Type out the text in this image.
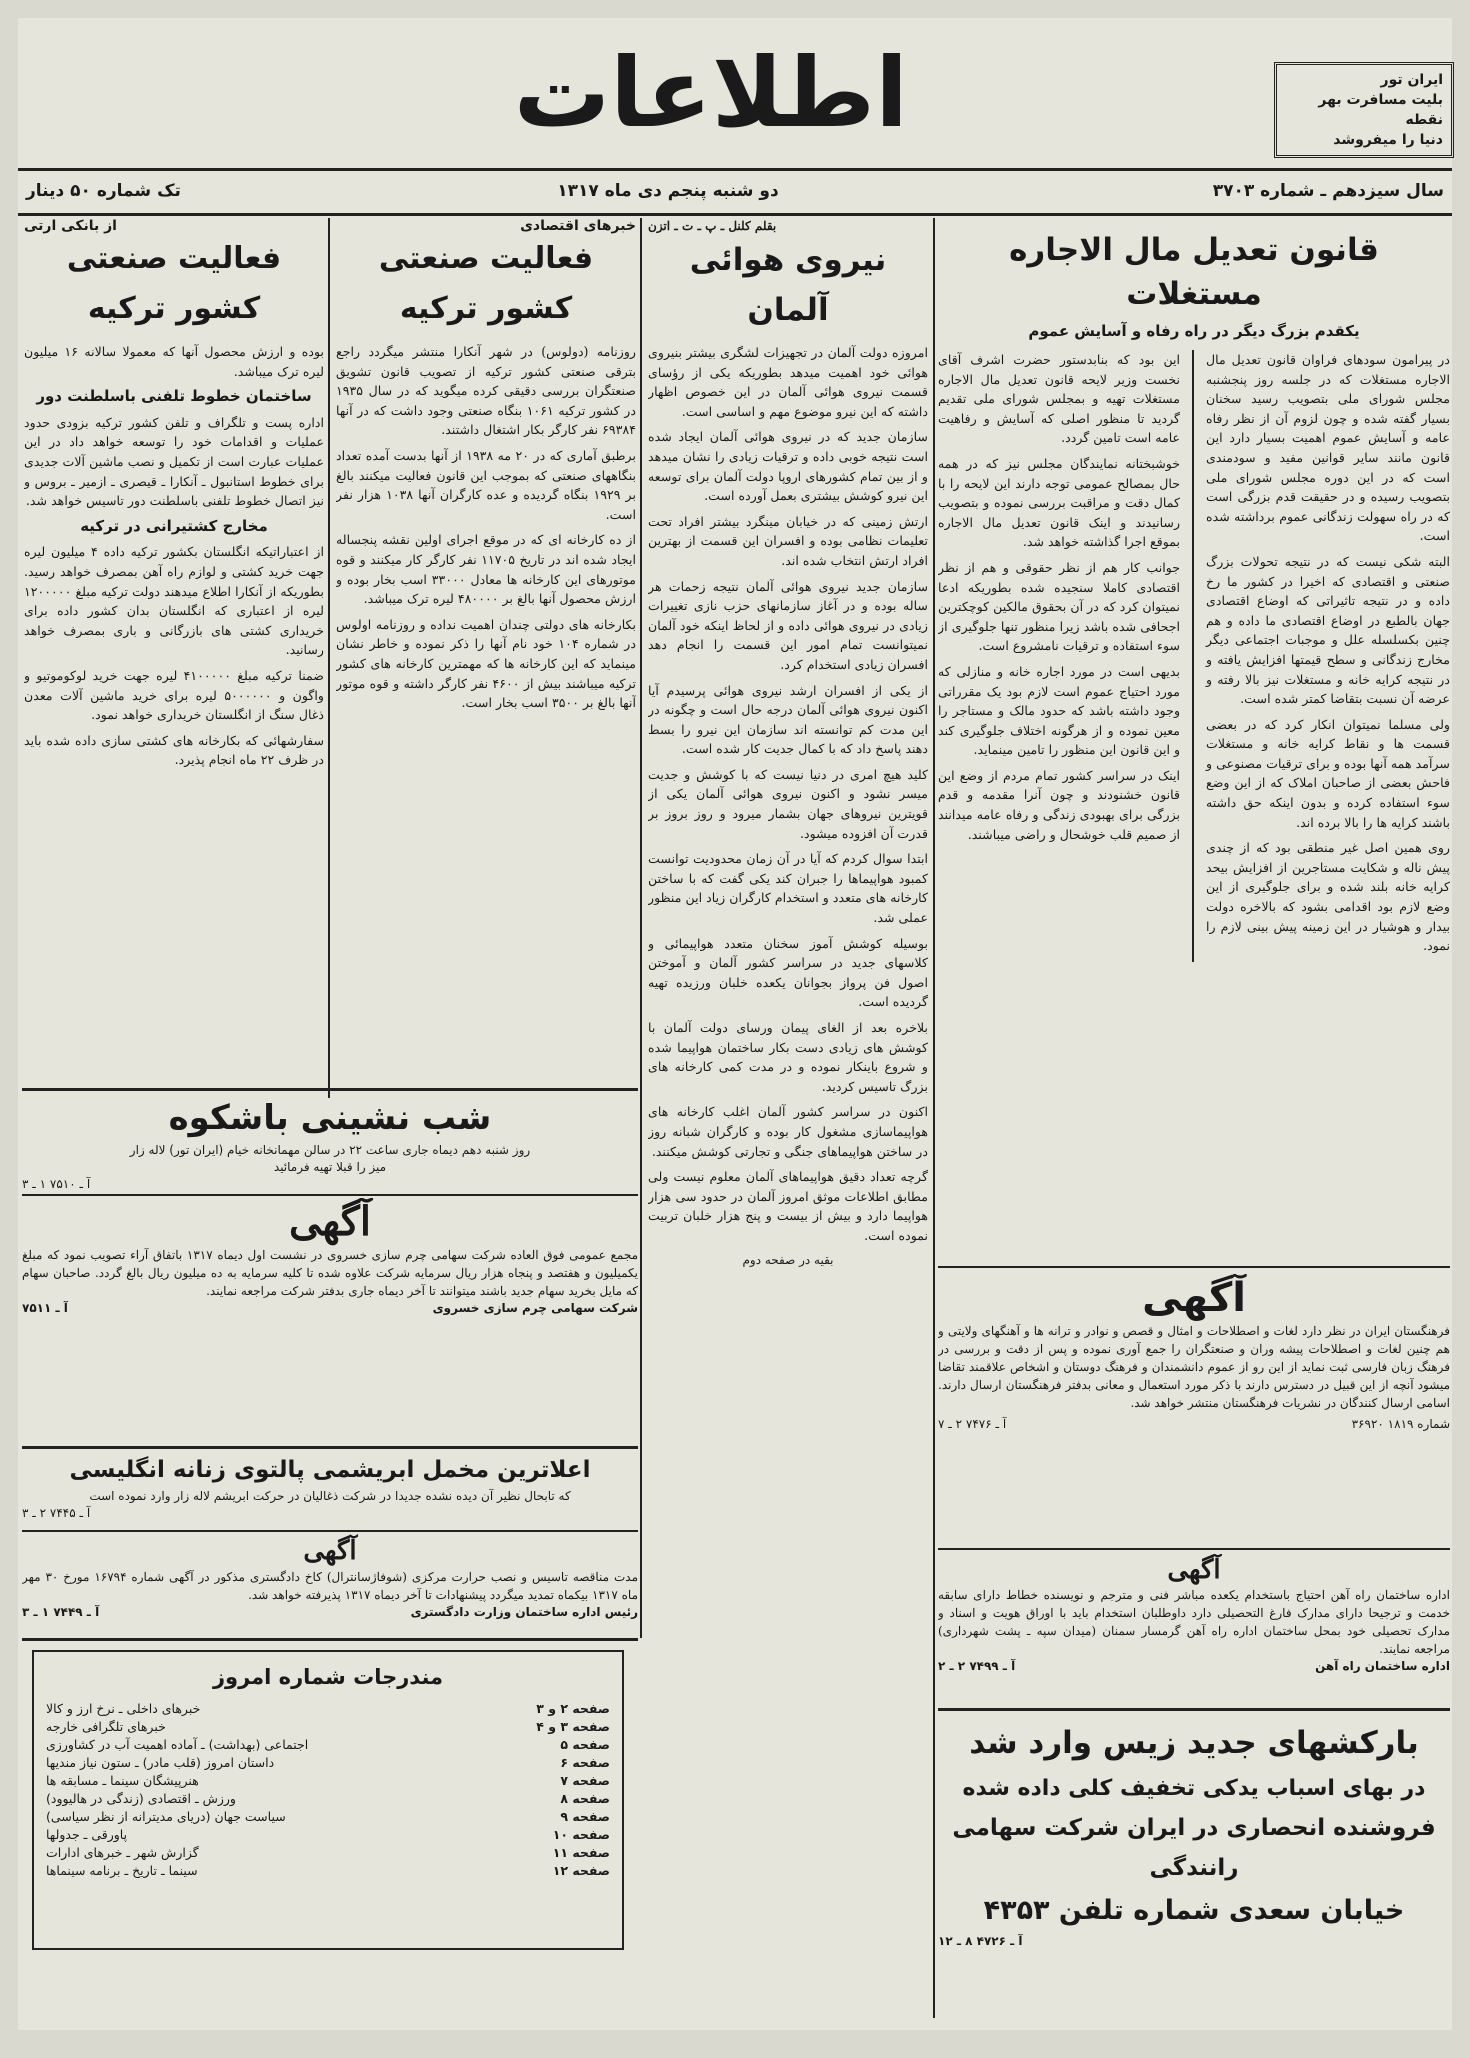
اطلاعات	ایران تور
بلیت مسافرت بهر نقطه
دنیا را میفروشد
سال سیزدهم ـ شماره ۳۷۰۳
دو شنبه پنجم دی ماه ۱۳۱۷
تک شماره ۵۰ دینار
قانون تعدیل مال الاجاره مستغلات
یکقدم بزرگ دیگر در راه رفاه و آسایش عموم

در پیرامون سودهای فراوان قانون تعدیل مال الاجاره مستغلات که در جلسه روز پنجشنبه مجلس شورای ملی بتصویب رسید سخنان بسیار گفته شده و چون لزوم آن از نظر رفاه عامه و آسایش عموم اهمیت بسیار دارد این قانون مانند سایر قوانین مفید و سودمندی است که در این دوره مجلس شورای ملی بتصویب رسیده و در حقیقت قدم بزرگی است که در راه سهولت زندگانی عموم برداشته شده است.

البته شکی نیست که در نتیجه تحولات بزرگ صنعتی و اقتصادی که اخیرا در کشور ما رخ داده و در نتیجه تاثیراتی که اوضاع اقتصادی جهان بالطبع در اوضاع اقتصادی ما داده و هم چنین بکسلسله علل و موجبات اجتماعی دیگر مخارج زندگانی و سطح قیمتها افزایش یافته و در نتیجه کرایه خانه و مستغلات نیز بالا رفته و عرضه آن نسبت بتقاضا کمتر شده است.

ولی مسلما نمیتوان انکار کرد که در بعضی قسمت ها و نقاط کرایه خانه و مستغلات سرآمد همه آنها بوده و برای ترقیات مصنوعی و فاحش بعضی از صاحبان املاک که از این وضع سوء استفاده کرده و بدون اینکه حق داشته باشند کرایه ها را بالا برده اند.

روی همین اصل غیر منطقی بود که از چندی پیش ناله و شکایت مستاجرین از افزایش بیحد کرایه خانه بلند شده و برای جلوگیری از این وضع لازم بود اقدامی بشود که بالاخره دولت بیدار و هوشیار در این زمینه پیش بینی لازم را نمود.

این بود که بنابدستور حضرت اشرف آقای نخست وزیر لایحه قانون تعدیل مال الاجاره مستغلات تهیه و بمجلس شورای ملی تقدیم گردید تا منظور اصلی که آسایش و رفاهیت عامه است تامین گردد.

خوشبختانه نمایندگان مجلس نیز که در همه حال بمصالح عمومی توجه دارند این لایحه را با کمال دقت و مراقبت بررسی نموده و بتصویب رسانیدند و اینک قانون تعدیل مال الاجاره بموقع اجرا گذاشته خواهد شد.

جوانب کار هم از نظر حقوقی و هم از نظر اقتصادی کاملا سنجیده شده بطوریکه ادعا نمیتوان کرد که در آن بحقوق مالکین کوچکترین اجحافی شده باشد زیرا منظور تنها جلوگیری از سوء استفاده و ترقیات نامشروع است.

بدیهی است در مورد اجاره خانه و منازلی که مورد احتیاج عموم است لازم بود یک مقرراتی وجود داشته باشد که حدود مالک و مستاجر را معین نموده و از هرگونه اختلاف جلوگیری کند و این قانون این منظور را تامین مینماید.

اینک در سراسر کشور تمام مردم از وضع این قانون خشنودند و چون آنرا مقدمه و قدم بزرگی برای بهبودی زندگی و رفاه عامه میدانند از صمیم قلب خوشحال و راضی میباشند.

آگهی
فرهنگستان ایران در نظر دارد لغات و اصطلاحات و امثال و قصص و نوادر و ترانه ها و آهنگهای ولایتی و هم چنین لغات و اصطلاحات پیشه وران و صنعتگران را جمع آوری نموده و پس از دقت و بررسی در فرهنگ زبان فارسی ثبت نماید از این رو از عموم دانشمندان و فرهنگ دوستان و اشخاص علاقمند تقاضا میشود آنچه از این قبیل در دسترس دارند با ذکر مورد استعمال و معانی بدفتر فرهنگستان ارسال دارند. اسامی ارسال کنندگان در نشریات فرهنگستان منتشر خواهد شد.
شماره ۱۸۱۹ ۳۶۹۲۰
آ ـ ۷۴۷۶ ۲ ـ ۷
آگهی
اداره ساختمان راه آهن احتیاج باستخدام یکعده مباشر فنی و مترجم و نویسنده خطاط دارای سابقه خدمت و ترجیحا دارای مدارک فارغ التحصیلی دارد داوطلبان استخدام باید با اوراق هویت و اسناد و مدارک تحصیلی خود بمحل ساختمان اداره راه آهن گرمسار سمنان (میدان سپه ـ پشت شهرداری) مراجعه نمایند.
اداره ساختمان راه آهن
آ ـ ۷۴۹۹ ۲ ـ ۲
بارکشهای جدید زیس وارد شد
در بهای اسباب یدکی تخفیف کلی داده شده
فروشنده انحصاری در ایران شرکت سهامی رانندگی
خیابان سعدی شماره تلفن ۴۳۵۳
آ ـ ۴۷۲۶ ۸ ـ ۱۲
بقلم کلنل ـ پ ـ ت ـ اتزن
نیروی هوائی آلمان

امروزه دولت آلمان در تجهیزات لشگری بیشتر بنیروی هوائی خود اهمیت میدهد بطوریکه یکی از رؤسای قسمت نیروی هوائی آلمان در این خصوص اظهار داشته که این نیرو موضوع مهم و اساسی است.

سازمان جدید که در نیروی هوائی آلمان ایجاد شده است نتیجه خوبی داده و ترقیات زیادی را نشان میدهد و از بین تمام کشورهای اروپا دولت آلمان برای توسعه این نیرو کوشش بیشتری بعمل آورده است.

ارتش زمینی که در خیابان مینگرد بیشتر افراد تحت تعلیمات نظامی بوده و افسران این قسمت از بهترین افراد ارتش انتخاب شده اند.

سازمان جدید نیروی هوائی آلمان نتیجه زحمات هر ساله بوده و در آغاز سازمانهای حزب نازی تغییرات زیادی در نیروی هوائی داده و از لحاظ اینکه خود آلمان نمیتوانست تمام امور این قسمت را انجام دهد افسران زیادی استخدام کرد.

از یکی از افسران ارشد نیروی هوائی پرسیدم آیا اکنون نیروی هوائی آلمان درجه حال است و چگونه در این مدت کم توانسته اند سازمان این نیرو را بسط دهند پاسخ داد که با کمال جدیت کار شده است.

کلید هیچ امری در دنیا نیست که با کوشش و جدیت میسر نشود و اکنون نیروی هوائی آلمان یکی از قویترین نیروهای جهان بشمار میرود و روز بروز بر قدرت آن افزوده میشود.

ابتدا سوال کردم که آیا در آن زمان محدودیت توانست کمبود هواپیماها را جبران کند یکی گفت که با ساختن کارخانه های متعدد و استخدام کارگران زیاد این منظور عملی شد.

بوسیله کوشش آموز سخنان متعدد هواپیمائی و کلاسهای جدید در سراسر کشور آلمان و آموختن اصول فن پرواز بجوانان یکعده خلبان ورزیده تهیه گردیده است.

بلاخره بعد از الغای پیمان ورسای دولت آلمان با کوشش های زیادی دست بکار ساختمان هواپیما شده و شروع باینکار نموده و در مدت کمی کارخانه های بزرگ تاسیس کردید.

اکنون در سراسر کشور آلمان اغلب کارخانه های هواپیماسازی مشغول کار بوده و کارگران شبانه روز در ساختن هواپیماهای جنگی و تجارتی کوشش میکنند.

گرچه تعداد دقیق هواپیماهای آلمان معلوم نیست ولی مطابق اطلاعات موثق امروز آلمان در حدود سی هزار هواپیما دارد و بیش از بیست و پنج هزار خلبان تربیت نموده است.

بقیه در صفحه دوم

خبرهای اقتصادی
فعالیت صنعتی کشور ترکیه

روزنامه (دولوس) در شهر آنکارا منتشر میگردد راجع بترقی صنعتی کشور ترکیه از تصویب قانون تشویق صنعتگران بررسی دقیقی کرده میگوید که در سال ۱۹۳۵ در کشور ترکیه ۱۰۶۱ بنگاه صنعتی وجود داشت که در آنها ۶۹۳۸۴ نفر کارگر بکار اشتغال داشتند.

برطبق آماری که در ۲۰ مه ۱۹۳۸ از آنها بدست آمده تعداد بنگاههای صنعتی که بموجب این قانون فعالیت میکنند بالغ بر ۱۹۲۹ بنگاه گردیده و عده کارگران آنها ۱۰۳۸ هزار نفر است.

از ده کارخانه ای که در موقع اجرای اولین نقشه پنجساله ایجاد شده اند در تاریخ ۱۱۷۰۵ نفر کارگر کار میکنند و قوه موتورهای این کارخانه ها معادل ۳۳۰۰۰ اسب بخار بوده و ارزش محصول آنها بالغ بر ۴۸۰۰۰۰ لیره ترک میباشد.

بکارخانه های دولتی چندان اهمیت نداده و روزنامه اولوس در شماره ۱۰۴ خود نام آنها را ذکر نموده و خاطر نشان مینماید که این کارخانه ها که مهمترین کارخانه های کشور ترکیه میباشند بیش از ۴۶۰۰ نفر کارگر داشته و قوه موتور آنها بالغ بر ۳۵۰۰ اسب بخار است.

از بانکی ارتی
فعالیت صنعتی کشور ترکیه

بوده و ارزش محصول آنها که معمولا سالانه ۱۶ میلیون لیره ترک میباشد.

ساختمان خطوط تلفنی باسلطنت دور

اداره پست و تلگراف و تلفن کشور ترکیه بزودی حدود عملیات و اقدامات خود را توسعه خواهد داد در این عملیات عبارت است از تکمیل و نصب ماشین آلات جدیدی برای خطوط استانبول ـ آنکارا ـ قیصری ـ ازمیر ـ بروس و نیز اتصال خطوط تلفنی باسلطنت دور تاسیس خواهد شد.

مخارج کشتیرانی در ترکیه

از اعتباراتیکه انگلستان بکشور ترکیه داده ۴ میلیون لیره جهت خرید کشتی و لوازم راه آهن بمصرف خواهد رسید. بطوریکه از آنکارا اطلاع میدهند دولت ترکیه مبلغ ۱۲۰۰۰۰۰ لیره از اعتباری که انگلستان بدان کشور داده برای خریداری کشتی های بازرگانی و باری بمصرف خواهد رسانید.

ضمنا ترکیه مبلغ ۴۱۰۰۰۰۰ لیره جهت خرید لوکوموتیو و واگون و ۵۰۰۰۰۰۰ لیره برای خرید ماشین آلات معدن ذغال سنگ از انگلستان خریداری خواهد نمود.

سفارشهائی که بکارخانه های کشتی سازی داده شده باید در ظرف ۲۲ ماه انجام پذیرد.

شب نشینی باشکوه
روز شنبه دهم دیماه جاری ساعت ۲۲ در سالن مهمانخانه خیام (ایران تور) لاله زار
میز را قبلا تهیه فرمائید
آ ـ ۷۵۱۰ ۱ ـ ۳
آگهی
مجمع عمومی فوق العاده شرکت سهامی چرم سازی خسروی در نشست اول دیماه ۱۳۱۷ باتفاق آراء تصویب نمود که مبلغ یکمیلیون و هفتصد و پنجاه هزار ریال سرمایه شرکت علاوه شده تا کلیه سرمایه به ده میلیون ریال بالغ گردد. صاحبان سهام که مایل بخرید سهام جدید باشند میتوانند تا آخر دیماه جاری بدفتر شرکت مراجعه نمایند.
شرکت سهامی چرم سازی خسروی
آ ـ ۷۵۱۱
اعلاترین مخمل ابریشمی پالتوی زنانه انگلیسی
که تابحال نظیر آن دیده نشده جدیدا در شرکت ذغالیان در حرکت ابریشم لاله زار وارد نموده است
آ ـ ۷۴۴۵ ۲ ـ ۳
آگهی
مدت مناقصه تاسیس و نصب حرارت مرکزی (شوفاژسانترال) کاخ دادگستری مذکور در آگهی شماره ۱۶۷۹۴ مورخ ۳۰ مهر ماه ۱۳۱۷ بیکماه تمدید میگردد پیشنهادات تا آخر دیماه ۱۳۱۷ پذیرفته خواهد شد.
رئیس اداره ساختمان وزارت دادگستری
آ ـ ۷۴۴۹ ۱ ـ ۳
مندرجات شماره امروز
صفحه ۲ و ۳
خبرهای داخلی ـ نرخ ارز و کالا
صفحه ۳ و ۴
خبرهای تلگرافی خارجه
صفحه ۵
اجتماعی (بهداشت) ـ آماده اهمیت آب در کشاورزی
صفحه ۶
داستان امروز (قلب مادر) ـ ستون نیاز مندیها
صفحه ۷
هنرپیشگان سینما ـ مسابقه ها
صفحه ۸
ورزش ـ اقتصادی (زندگی در هالیوود)
صفحه ۹
سیاست جهان (دریای مدیترانه از نظر سیاسی)
صفحه ۱۰
پاورقی ـ جدولها
صفحه ۱۱
گزارش شهر ـ خبرهای ادارات
صفحه ۱۲
سینما ـ تاریخ ـ برنامه سینماها
